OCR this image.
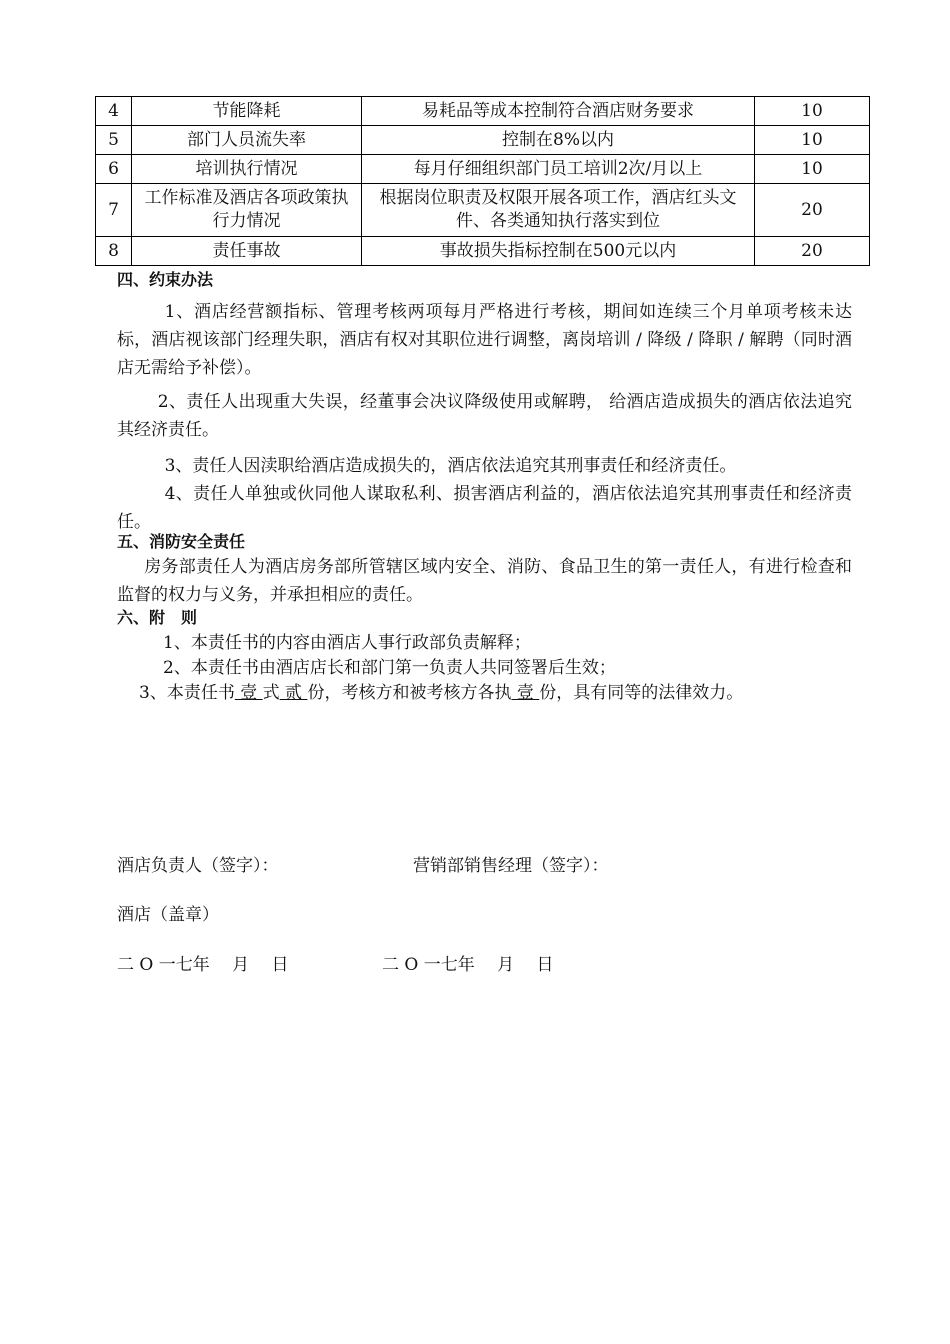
4	节能降耗	易耗品等成本控制符合酒店财务要求	10
5	部门人员流失率	控制在8%以内	10
6	培训执行情况	每月仔细组织部门员工培训2次/月以上	10
7	工作标准及酒店各项政策执行力情况	根据岗位职责及权限开展各项工作，酒店红头文件、各类通知执行落实到位	20
8	责任事故	事故损失指标控制在500元以内	20
四、约束办法
1、酒店经营额指标、管理考核两项每月严格进行考核，期间如连续三个月单项考核未达标，酒店视该部门经理失职，酒店有权对其职位进行调整，离岗培训 / 降级 / 降职 / 解聘（同时酒店无需给予补偿）。
2、责任人出现重大失误，经董事会决议降级使用或解聘， 给酒店造成损失的酒店依法追究其经济责任。
3、责任人因渎职给酒店造成损失的，酒店依法追究其刑事责任和经济责任。
4、责任人单独或伙同他人谋取私利、损害酒店利益的，酒店依法追究其刑事责任和经济责任。
五、消防安全责任
房务部责任人为酒店房务部所管辖区域内安全、消防、食品卫生的第一责任人，有进行检查和监督的权力与义务，并承担相应的责任。
六、附　则
1、本责任书的内容由酒店人事行政部负责解释；
2、本责任书由酒店店长和部门第一负责人共同签署后生效；
3、本责任书 壹 式 贰 份，考核方和被考核方各执 壹 份，具有同等的法律效力。
酒店负责人（签字）：	营销部销售经理（签字）：
酒店（盖章）
二 O 一七年　 月　 日	二 O 一七年　 月　 日
